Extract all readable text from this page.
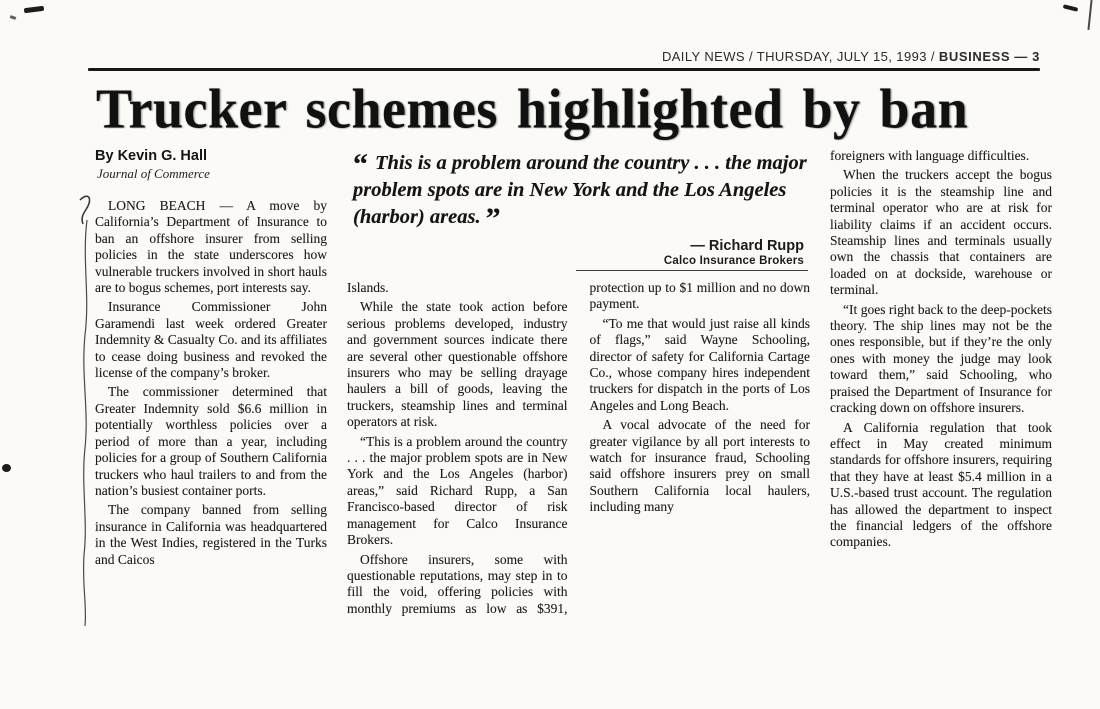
DAILY NEWS / THURSDAY, JULY 15, 1993 / BUSINESS — 3
Trucker schemes highlighted by ban
By Kevin G. Hall
Journal of Commerce

LONG BEACH — A move by California’s Department of Insurance to ban an offshore insurer from selling policies in the state underscores how vulnerable truckers involved in short hauls are to bogus schemes, port interests say.

Insurance Commissioner John Garamendi last week ordered Greater Indemnity & Casualty Co. and its affiliates to cease doing business and revoked the license of the company’s broker.

The commissioner determined that Greater Indemnity sold $6.6 million in potentially worthless policies over a period of more than a year, including policies for a group of Southern California truckers who haul trailers to and from the nation’s busiest container ports.

The company banned from selling insurance in California was headquartered in the West Indies, registered in the Turks and Caicos

“ This is a problem around the country . . . the major problem spots are in New York and the Los Angeles (harbor) areas. ”

— Richard Rupp
Calco Insurance Brokers

Islands.

While the state took action before serious problems developed, industry and government sources indicate there are several other questionable offshore insurers who may be selling drayage haulers a bill of goods, leaving the truckers, steamship lines and terminal operators at risk.

“This is a problem around the country . . . the major problem spots are in New York and the Los Angeles (harbor) areas,” said Richard Rupp, a San Francisco-based director of risk management for Calco Insurance Brokers.

Offshore insurers, some with questionable reputations, may step in to fill the void, offering policies with monthly premiums as low as $391, protection up to $1 million and no down payment.

“To me that would just raise all kinds of flags,” said Wayne Schooling, director of safety for California Cartage Co., whose company hires independent truckers for dispatch in the ports of Los Angeles and Long Beach.

A vocal advocate of the need for greater vigilance by all port interests to watch for insurance fraud, Schooling said offshore insurers prey on small Southern California local haulers, including many

foreigners with language difficulties.

When the truckers accept the bogus policies it is the steamship line and terminal operator who are at risk for liability claims if an accident occurs. Steamship lines and terminals usually own the chassis that containers are loaded on at dockside, warehouse or terminal.

“It goes right back to the deep-pockets theory. The ship lines may not be the ones responsible, but if they’re the only ones with money the judge may look toward them,” said Schooling, who praised the Department of Insurance for cracking down on offshore insurers.

A California regulation that took effect in May created minimum standards for offshore insurers, requiring that they have at least $5.4 million in a U.S.-based trust account. The regulation has allowed the department to inspect the financial ledgers of the offshore companies.
